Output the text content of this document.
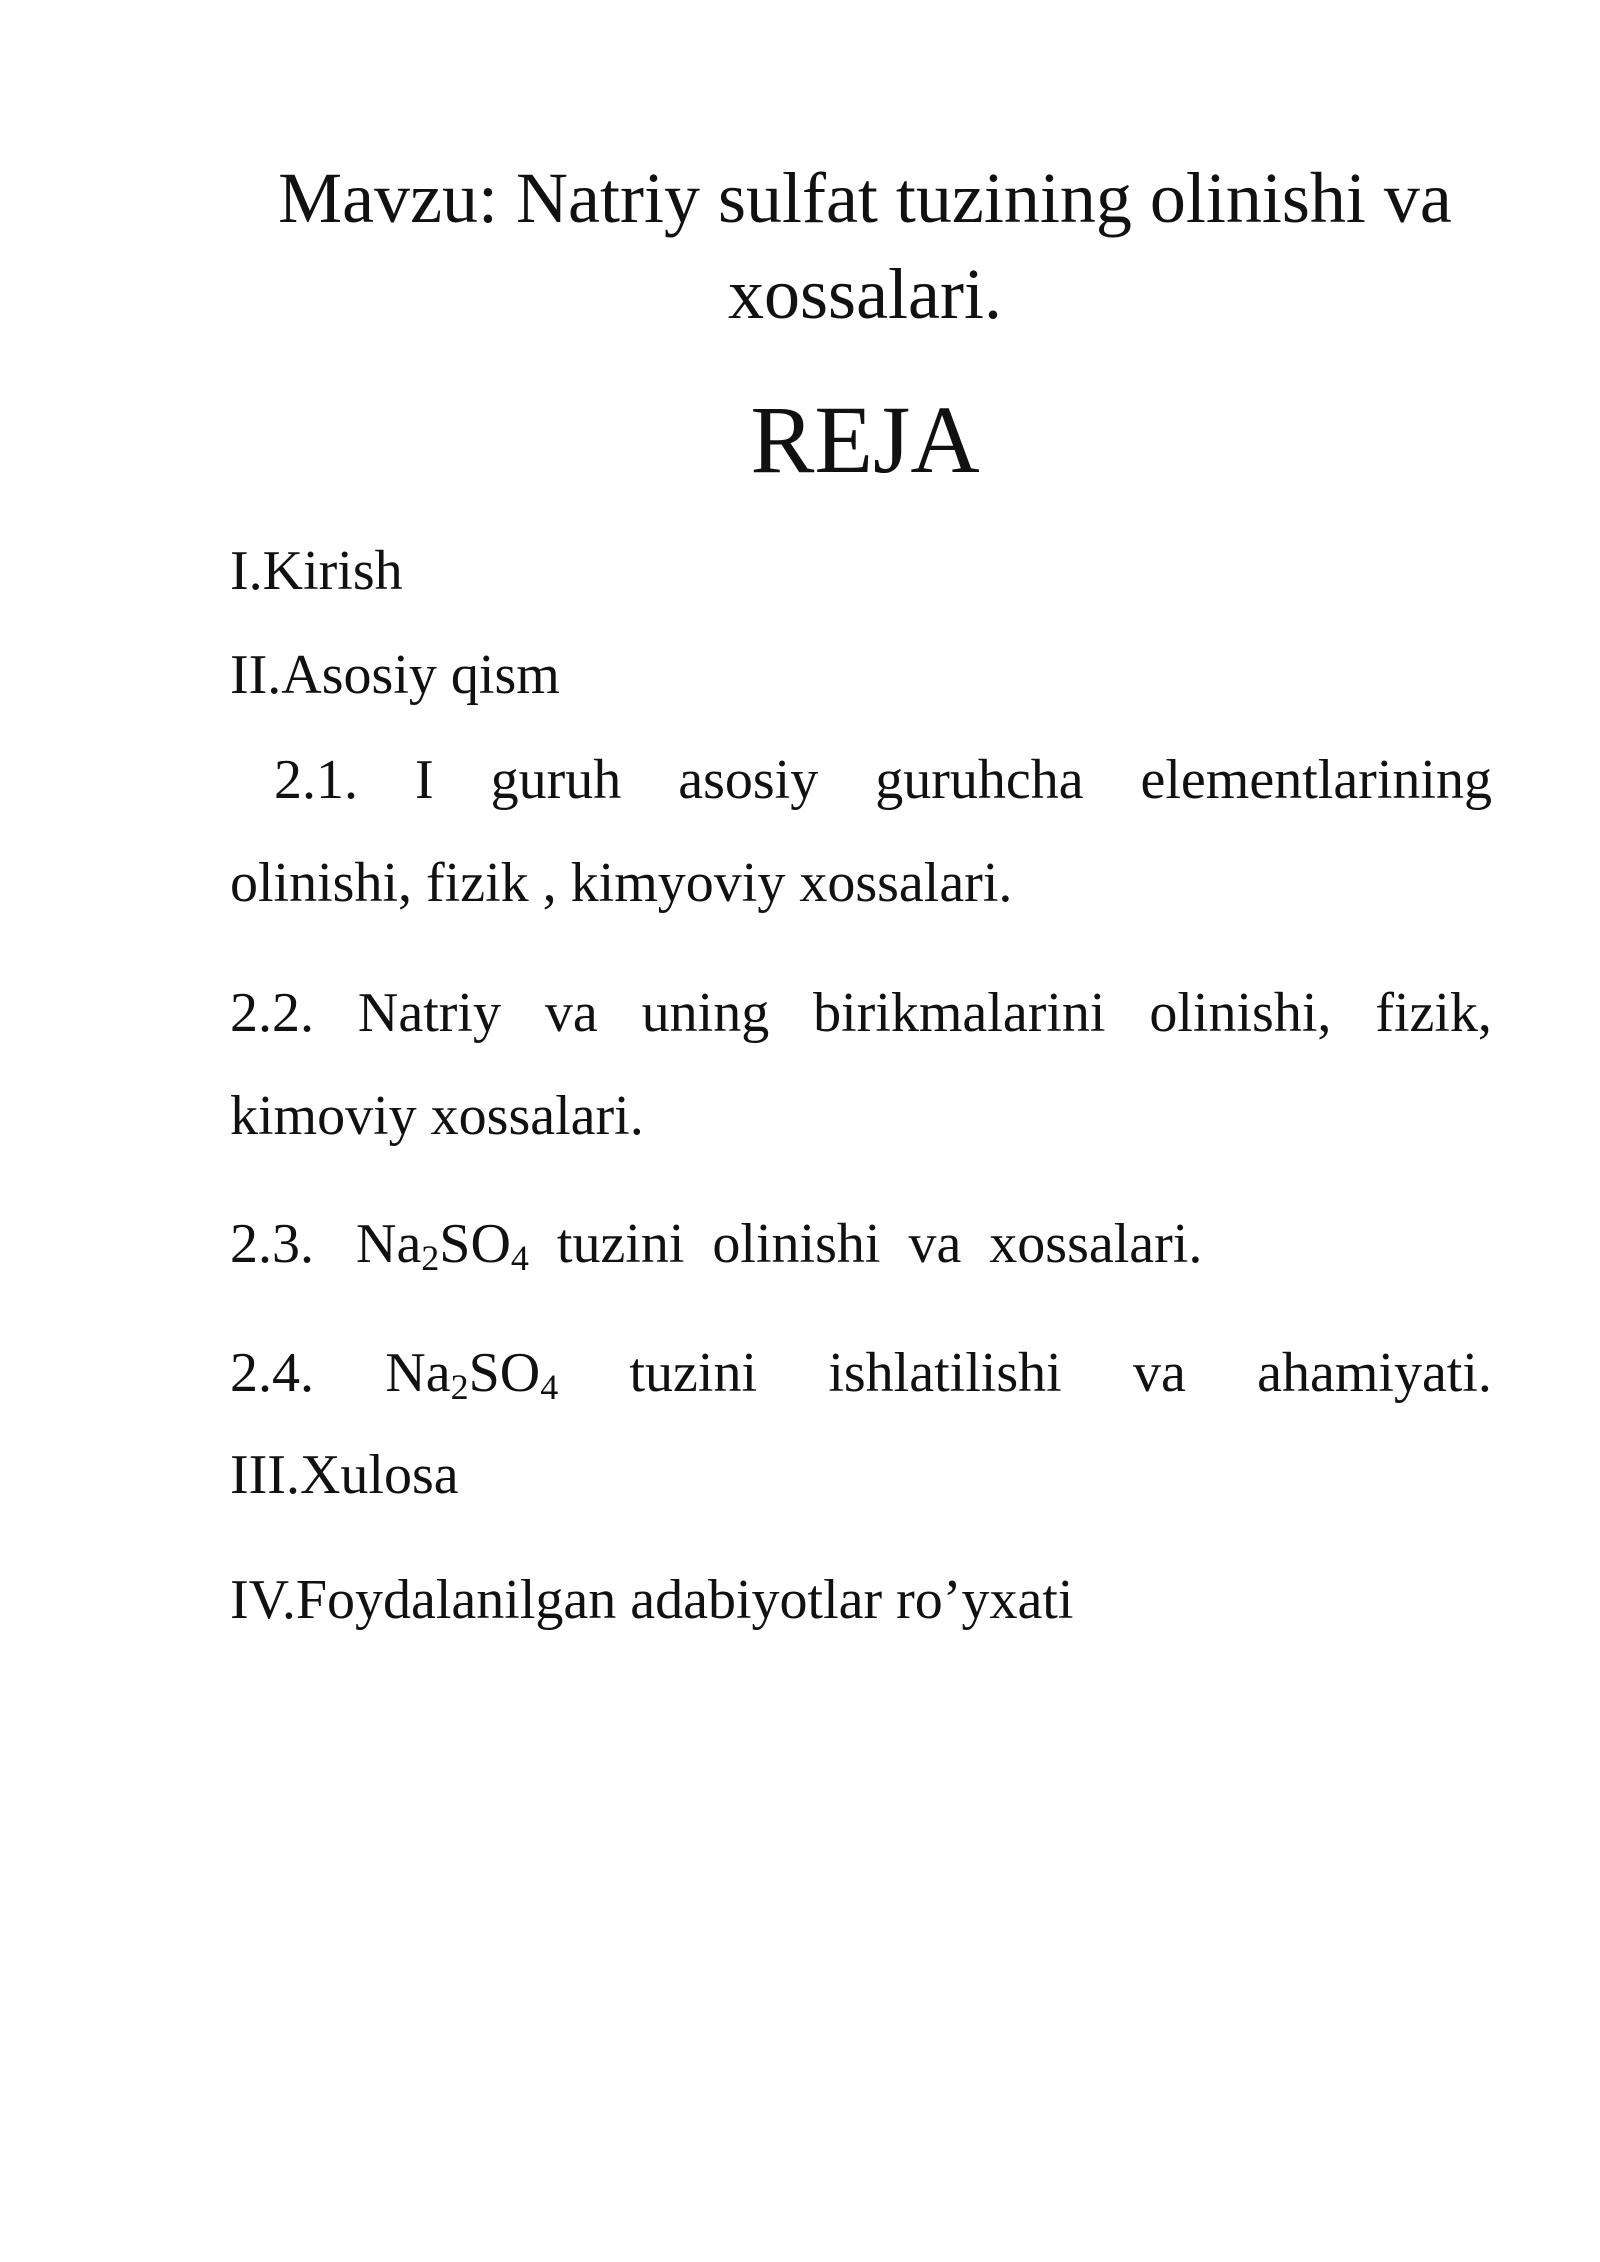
Mavzu: Natriy sulfat tuzining olinishi va
xossalari.
REJA

I.Kirish

II.Asosiy qism

2.1. I guruh asosiy guruhcha elementlarining

olinishi, fizik , kimyoviy xossalari.

2.2. Natriy va uning birikmalarini olinishi, fizik,

kimoviy xossalari.

2.3. $Na_2SO_4$ tuzini  olinishi  va  xossalari.

2.4. $Na_2SO_4$ tuzini ishlatilishi va ahamiyati.

III.Xulosa

IV.Foydalanilgan adabiyotlar ro’yxati
